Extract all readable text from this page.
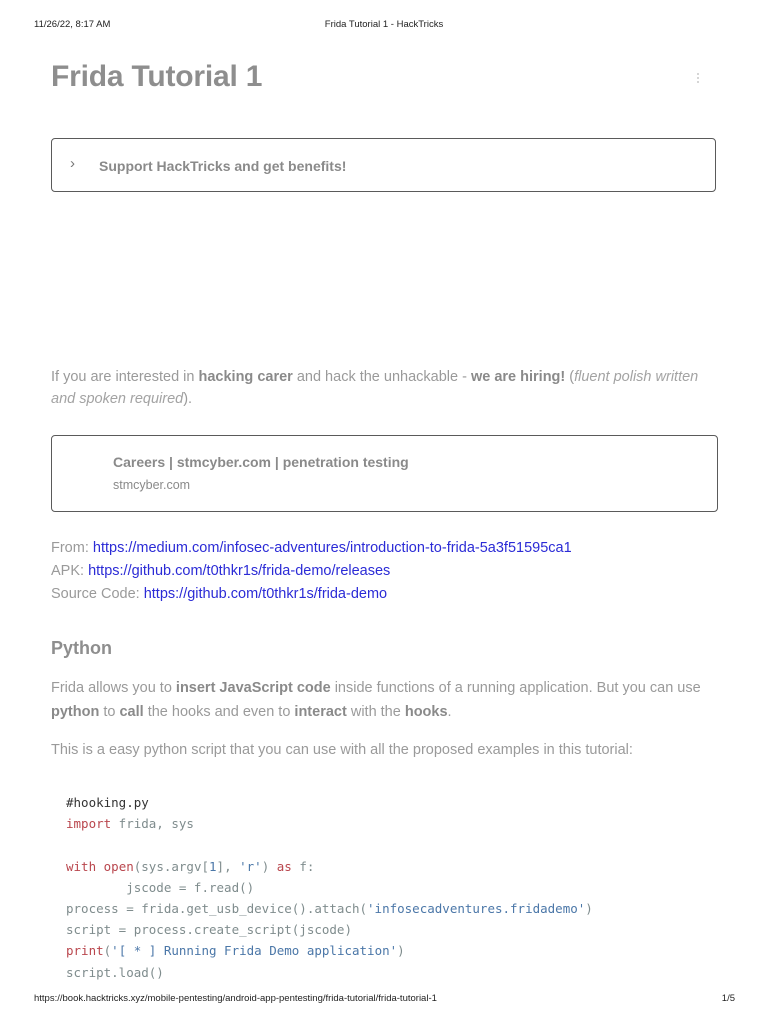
11/26/22, 8:17 AM	Frida Tutorial 1 - HackTricks
Frida Tutorial 1
› Support HackTricks and get benefits!

If you are interested in hacking carer and hack the unhackable - we are hiring! (fluent polish written and spoken required).

Careers | stmcyber.com | penetration testing
stmcyber.com
From: https://medium.com/infosec-adventures/introduction-to-frida-5a3f51595ca1
APK: https://github.com/t0thkr1s/frida-demo/releases
Source Code: https://github.com/t0thkr1s/frida-demo
Python

Frida allows you to insert JavaScript code inside functions of a running application. But you can use python to call the hooks and even to interact with the hooks.

This is a easy python script that you can use with all the proposed examples in this tutorial:

#hooking.py
import frida, sys

with open(sys.argv[1], 'r') as f:
jscode = f.read()
process = frida.get_usb_device().attach('infosecadventures.fridademo')
script = process.create_script(jscode)
print('[ * ] Running Frida Demo application')
script.load()
https://book.hacktricks.xyz/mobile-pentesting/android-app-pentesting/frida-tutorial/frida-tutorial-1	1/5
